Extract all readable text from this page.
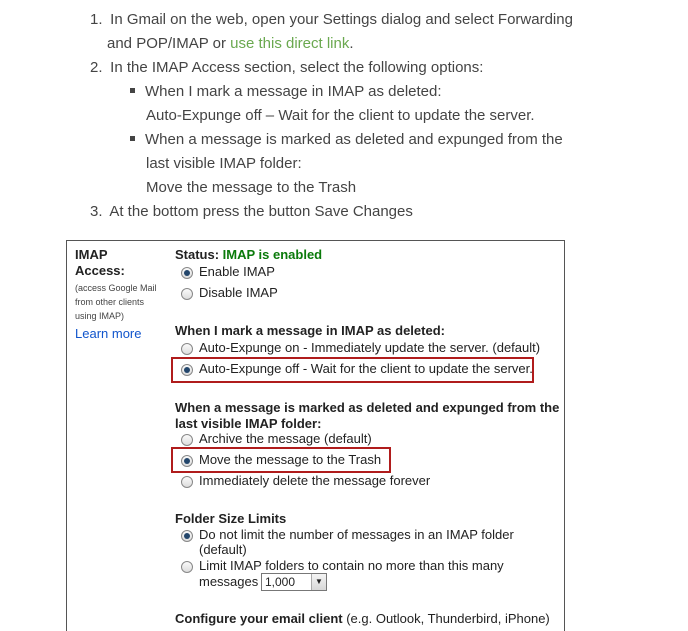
1. In Gmail on the web, open your Settings dialog and select Forwarding
and POP/IMAP or use this direct link.
2. In the IMAP Access section, select the following options:
When I mark a message in IMAP as deleted:
Auto-Expunge off – Wait for the client to update the server.
When a message is marked as deleted and expunged from the
last visible IMAP folder:
Move the message to the Trash
3. At the bottom press the button Save Changes
IMAP
Access:
(access Google Mail
from other clients
using IMAP)
Learn more
Status: IMAP is enabled
Enable IMAP
Disable IMAP
When I mark a message in IMAP as deleted:
Auto-Expunge on - Immediately update the server. (default)
Auto-Expunge off - Wait for the client to update the server.
When a message is marked as deleted and expunged from the
last visible IMAP folder:
Archive the message (default)
Move the message to the Trash
Immediately delete the message forever
Folder Size Limits
Do not limit the number of messages in an IMAP folder
(default)
Limit IMAP folders to contain no more than this many
messages 1,000	▼
Configure your email client (e.g. Outlook, Thunderbird, iPhone)
